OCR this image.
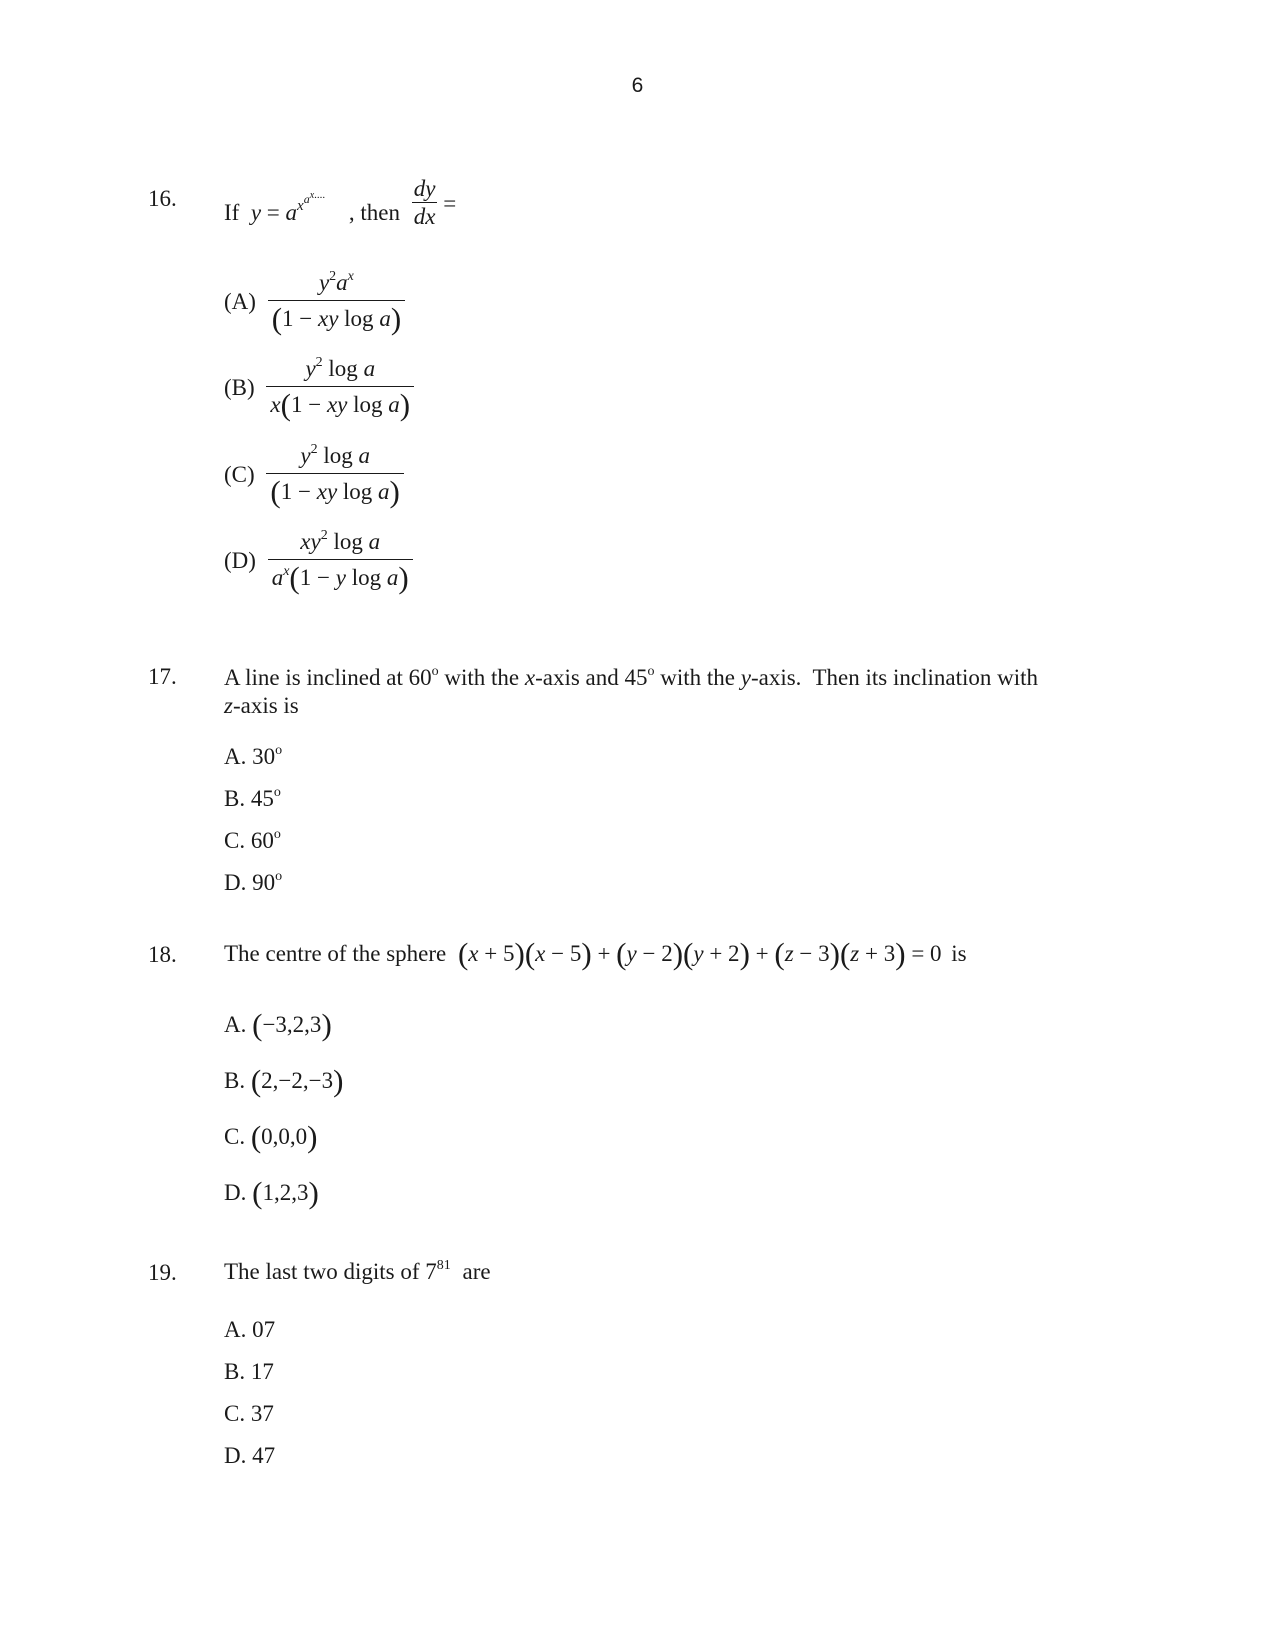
6
16.
If $y = a^{xax....}$ , then $\frac{dy}{dx}$ =
$(A) \frac{y^2a^x}{\text{(1 − xy log a)}}$
$(B) \frac{y^2 \log a}{\text{x(1 − xy log a)}}$
$(C) \frac{y^2 \log a}{\text{(1 − xy log a)}}$
$(D) \frac{xy^2 \log a}{a^x(1 - y \log a)}$
17. A line is inclined at 60$^o$ with the x-axis and 45$^o$ with the y-axis.  Then its inclination with
z-axis is
A. 30$^o$
B. 45$^o$
C. 60$^o$
D. 90$^o$
18. The centre of the sphere (x + 5)(x − 5) + (y − 2)(y + 2) + (z − 3)(z + 3) = 0 is
A. (−3,2,3)
B. (2,−2,−3)
C. (0,0,0)
D. (1,2,3)
19. The last two digits of $7^{81}$ are
A. 07
B. 17
C. 37
D. 47
